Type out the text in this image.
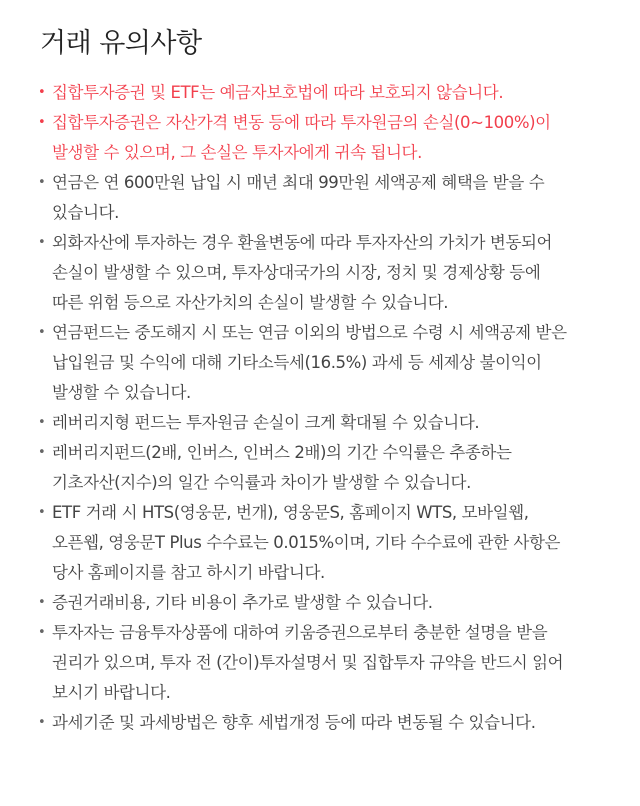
거래 유의사항
• 집합투자증권 및 ETF는 예금자보호법에 따라 보호되지 않습니다.
• 집합투자증권은 자산가격 변동 등에 따라 투자원금의 손실(0~100%)이
발생할 수 있으며, 그 손실은 투자자에게 귀속 됩니다.
• 연금은 연 600만원 납입 시 매년 최대 99만원 세액공제 혜택을 받을 수
있습니다.
• 외화자산에 투자하는 경우 환율변동에 따라 투자자산의 가치가 변동되어
손실이 발생할 수 있으며, 투자상대국가의 시장, 정치 및 경제상황 등에
따른 위험 등으로 자산가치의 손실이 발생할 수 있습니다.
• 연금펀드는 중도해지 시 또는 연금 이외의 방법으로 수령 시 세액공제 받은
납입원금 및 수익에 대해 기타소득세(16.5%) 과세 등 세제상 불이익이
발생할 수 있습니다.
• 레버리지형 펀드는 투자원금 손실이 크게 확대될 수 있습니다.
• 레버리지펀드(2배, 인버스, 인버스 2배)의 기간 수익률은 추종하는
기초자산(지수)의 일간 수익률과 차이가 발생할 수 있습니다.
• ETF 거래 시 HTS(영웅문, 번개), 영웅문S, 홈페이지 WTS, 모바일웹,
오픈웹, 영웅문T Plus 수수료는 0.015%이며, 기타 수수료에 관한 사항은
당사 홈페이지를 참고 하시기 바랍니다.
• 증권거래비용, 기타 비용이 추가로 발생할 수 있습니다.
• 투자자는 금융투자상품에 대하여 키움증권으로부터 충분한 설명을 받을
권리가 있으며, 투자 전 (간이)투자설명서 및 집합투자 규약을 반드시 읽어
보시기 바랍니다.
• 과세기준 및 과세방법은 향후 세법개정 등에 따라 변동될 수 있습니다.
